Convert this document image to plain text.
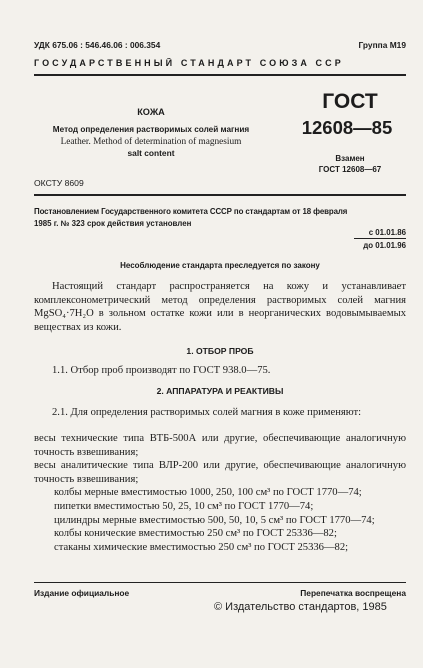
УДК 675.06 : 546.46.06 : 006.354	Группа М19
ГОСУДАРСТВЕННЫЙ СТАНДАРТ СОЮЗА ССР
КОЖА
Метод определения растворимых солей магния
Leather. Method of determination of magnesium
salt content
ГОСТ
12608—85
Взамен
ГОСТ 12608—67
ОКСТУ 8609
Постановлением Государственного комитета СССР по стандартам от 18 февраля
1985 г. № 323 срок действия установлен
с 01.01.86
до 01.01.96
Несоблюдение стандарта преследуется по закону
Настоящий стандарт распространяется на кожу и устанавливает комплексонометрический метод определения растворимых солей магния MgSO₄·7H₂O в зольном остатке кожи или в неорганических водовымываемых веществах из кожи.
1. ОТБОР ПРОБ
1.1. Отбор проб производят по ГОСТ 938.0—75.
2. АППАРАТУРА И РЕАКТИВЫ
2.1. Для определения растворимых солей магния в коже применяют:
весы технические типа ВТБ-500А или другие, обеспечивающие аналогичную точность взвешивания;
весы аналитические типа ВЛР-200 или другие, обеспечивающие аналогичную точность взвешивания;
колбы мерные вместимостью 1000, 250, 100 см³ по ГОСТ 1770—74;
пипетки вместимостью 50, 25, 10 см³ по ГОСТ 1770—74;
цилиндры мерные вместимостью 500, 50, 10, 5 см³ по ГОСТ 1770—74;
колбы конические вместимостью 250 см³ по ГОСТ 25336—82;
стаканы химические вместимостью 250 см³ по ГОСТ 25336—82;
Издание официальное	Перепечатка воспрещена
© Издательство стандартов, 1985
